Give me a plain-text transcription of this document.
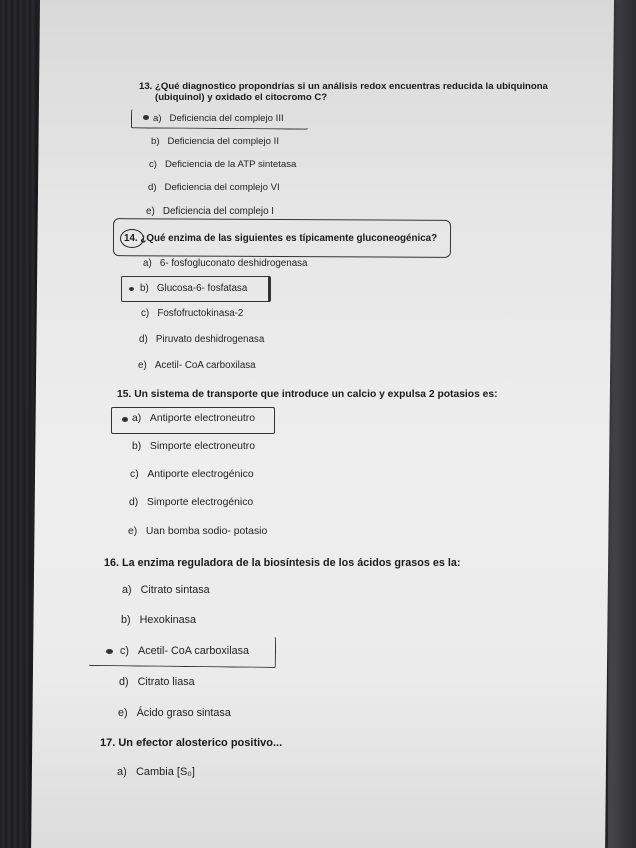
13. ¿Qué diagnostico propondrías si un análisis redox encuentras reducida la ubiquinona
(ubiquinol) y oxidado el citocromo C?
a) Deficiencia del complejo III
b) Deficiencia del complejo II
c) Deficiencia de la ATP sintetasa
d) Deficiencia del complejo VI
e) Deficiencia del complejo I
14. ¿Qué enzima de las siguientes es típicamente gluconeogénica?
a) 6- fosfogluconato deshidrogenasa
b) Glucosa-6- fosfatasa
c) Fosfofructokinasa-2
d) Piruvato deshidrogenasa
e) Acetil- CoA carboxilasa
15. Un sistema de transporte que introduce un calcio y expulsa 2 potasios es:
a) Antiporte electroneutro
b) Simporte electroneutro
c) Antiporte electrogénico
d) Simporte electrogénico
e) Uan bomba sodio- potasio
16. La enzima reguladora de la biosíntesis de los ácidos grasos es la:
a) Citrato sintasa
b) Hexokinasa
c) Acetil- CoA carboxilasa
d) Citrato liasa
e) Ácido graso sintasa
17. Un efector alosterico positivo...
a) Cambia [S₀]
